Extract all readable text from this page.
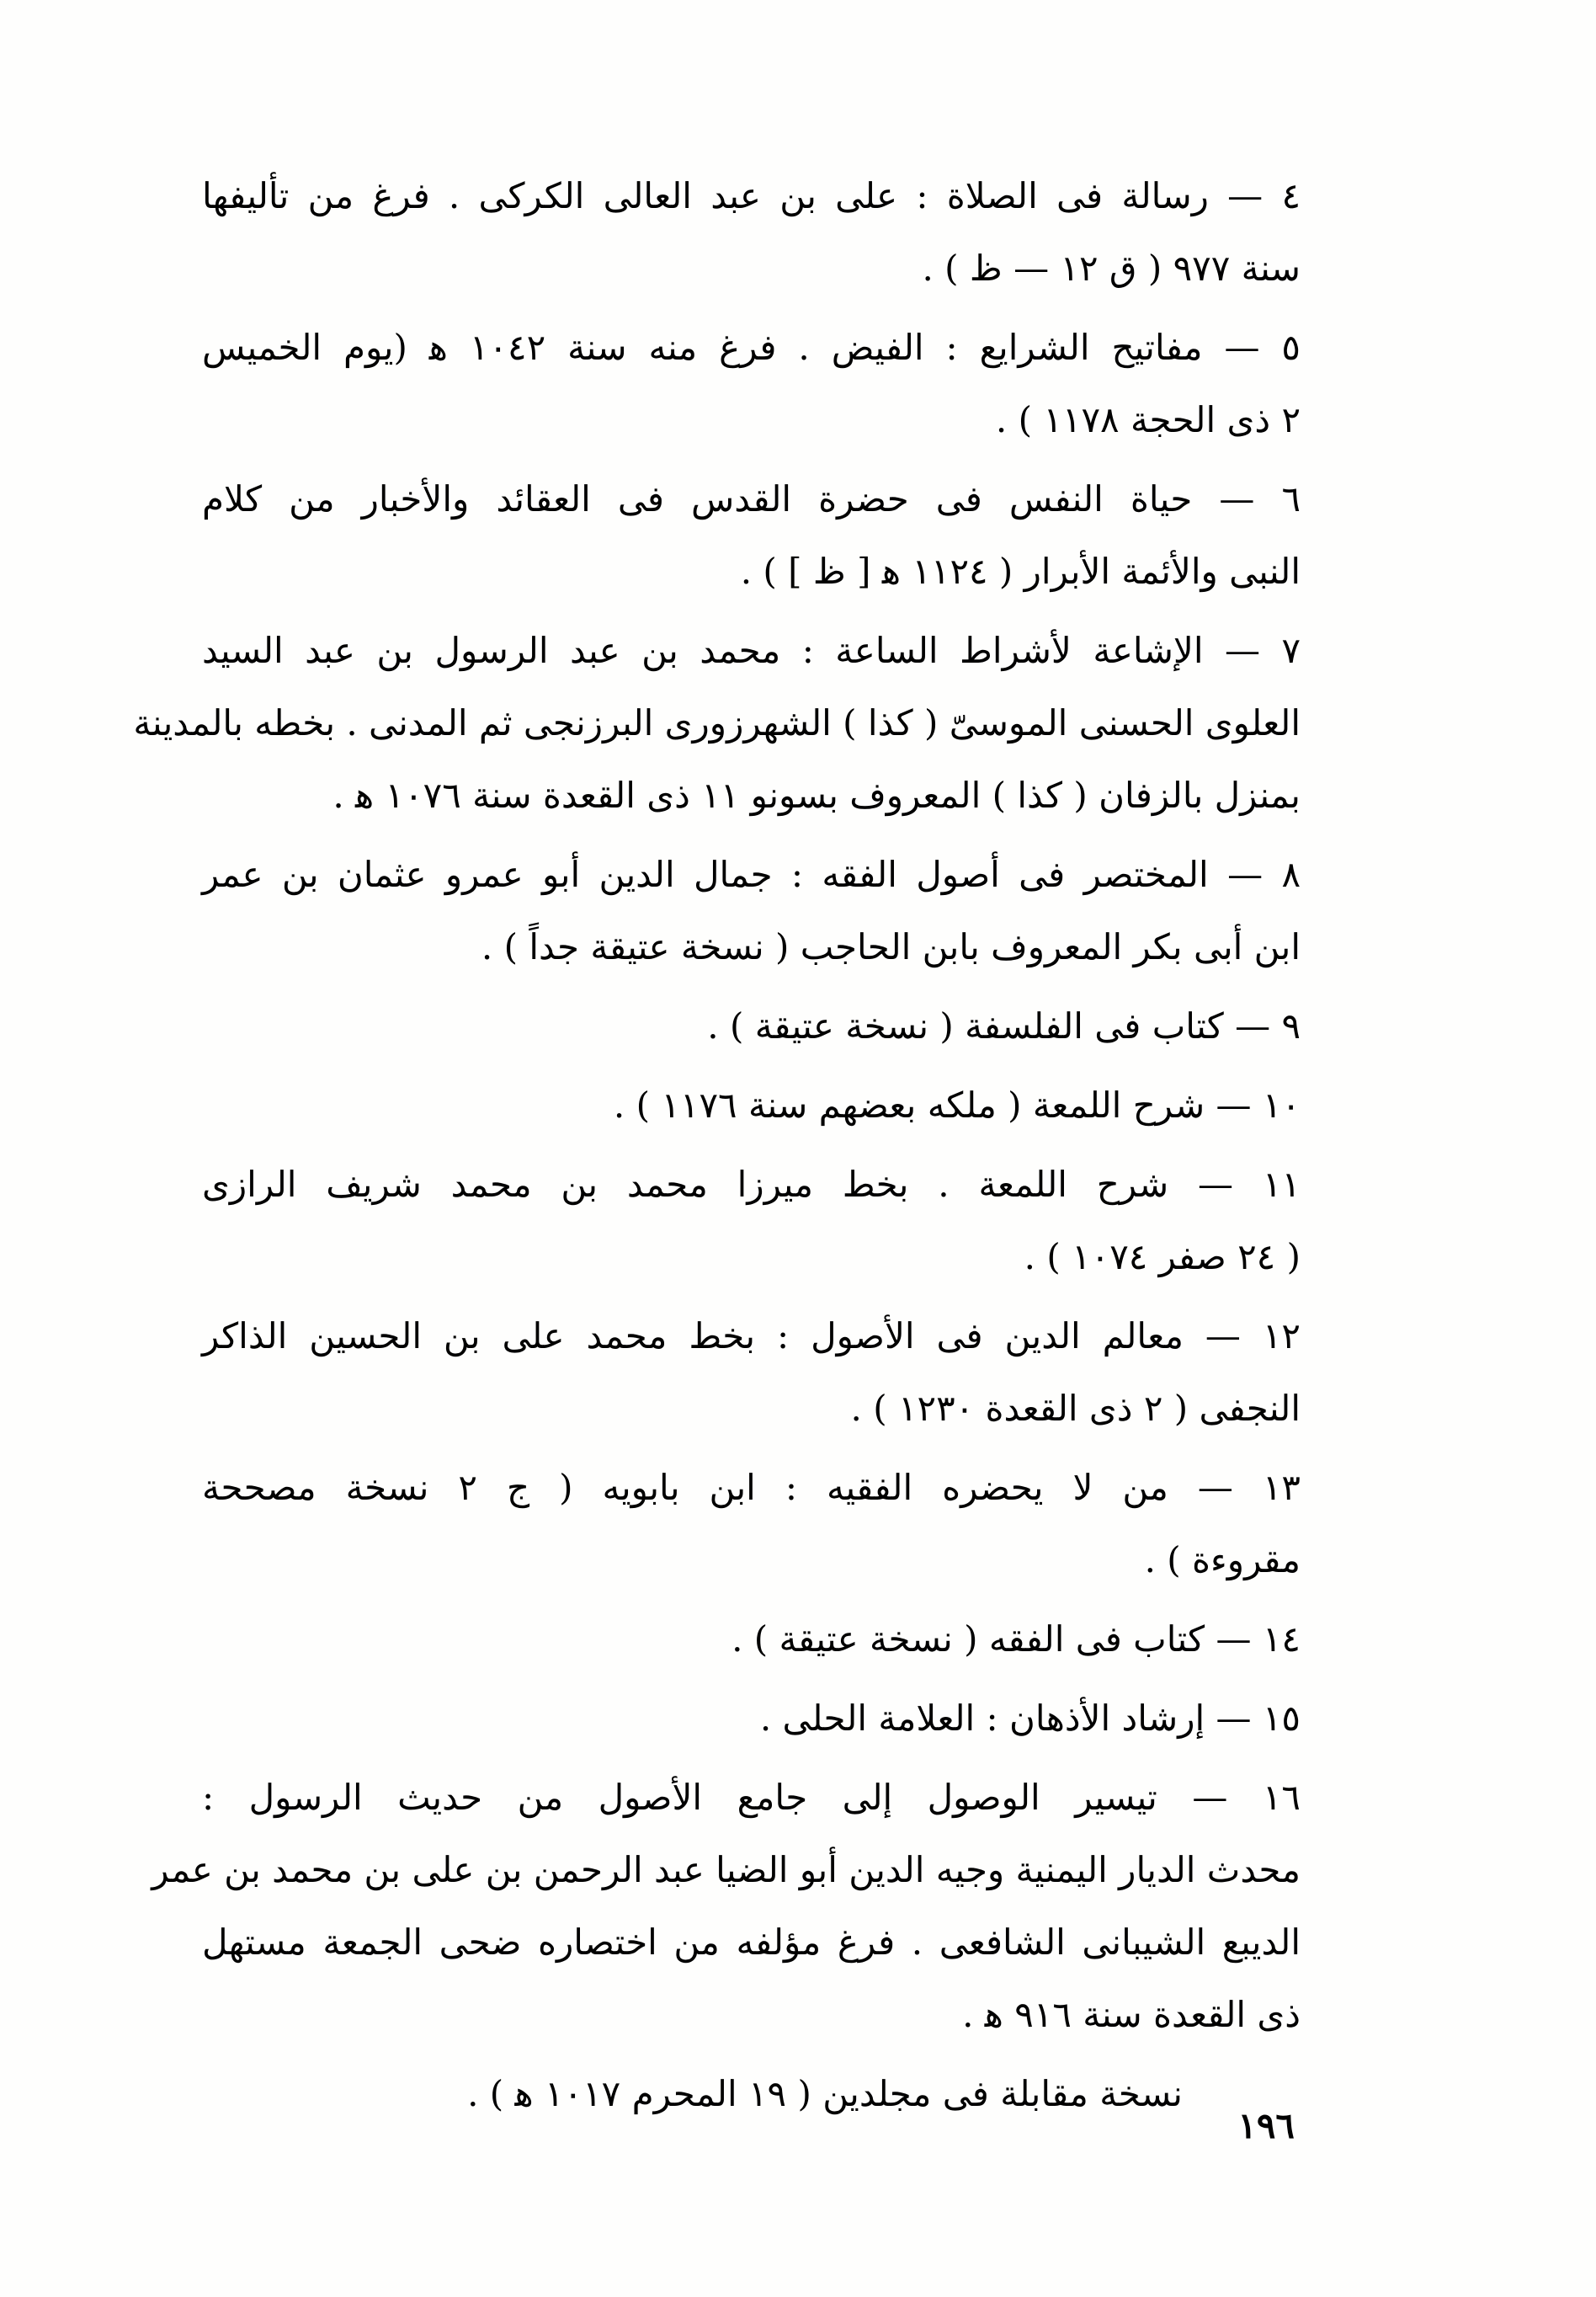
٤ — رسالة فى الصلاة : على بن عبد العالى الكركى . فرغ من تأليفها
سنة ٩٧٧ ( ق ١٢ — ظ ) .
٥ — مفاتيح الشرايع : الفيض . فرغ منه سنة ١٠٤٢ ﻫ (يوم الخميس
٢ ذى الحجة ١١٧٨ ) .
٦ — حياة النفس فى حضرة القدس فى العقائد والأخبار من كلام
النبى والأئمة الأبرار ( ١١٢٤ ﻫ [ ظ ] ) .
٧ — الإشاعة لأشراط الساعة : محمد بن عبد الرسول بن عبد السيد
العلوى الحسنى الموسىّ ( كذا ) الشهرزورى البرزنجى ثم المدنى . بخطه بالمدينة
بمنزل بالزفان ( كذا ) المعروف بسونو ١١ ذى القعدة سنة ١٠٧٦ ﻫ .
٨ — المختصر فى أصول الفقه : جمال الدين أبو عمرو عثمان بن عمر
ابن أبى بكر المعروف بابن الحاجب ( نسخة عتيقة جداً ) .
٩ — كتاب فى الفلسفة ( نسخة عتيقة ) .
١٠ — شرح اللمعة ( ملكه بعضهم سنة ١١٧٦ ) .
١١ — شرح اللمعة . بخط ميرزا محمد بن محمد شريف الرازى
( ٢٤ صفر ١٠٧٤ ) .
١٢ — معالم الدين فى الأصول : بخط محمد على بن الحسين الذاكر
النجفى ( ٢ ذى القعدة ١٢٣٠ ) .
١٣ — من لا يحضره الفقيه : ابن بابويه ( ج ٢ نسخة مصححة
مقروءة ) .
١٤ — كتاب فى الفقه ( نسخة عتيقة ) .
١٥ — إرشاد الأذهان : العلامة الحلى .
١٦ — تيسير الوصول إلى جامع الأصول من حديث الرسول :
محدث الديار اليمنية وجيه الدين أبو الضيا عبد الرحمن بن على بن محمد بن عمر
الديبع الشيبانى الشافعى . فرغ مؤلفه من اختصاره ضحى الجمعة مستهل
ذى القعدة سنة ٩١٦ ﻫ .
نسخة مقابلة فى مجلدين ( ١٩ المحرم ١٠١٧ ﻫ ) .
١٩٦
